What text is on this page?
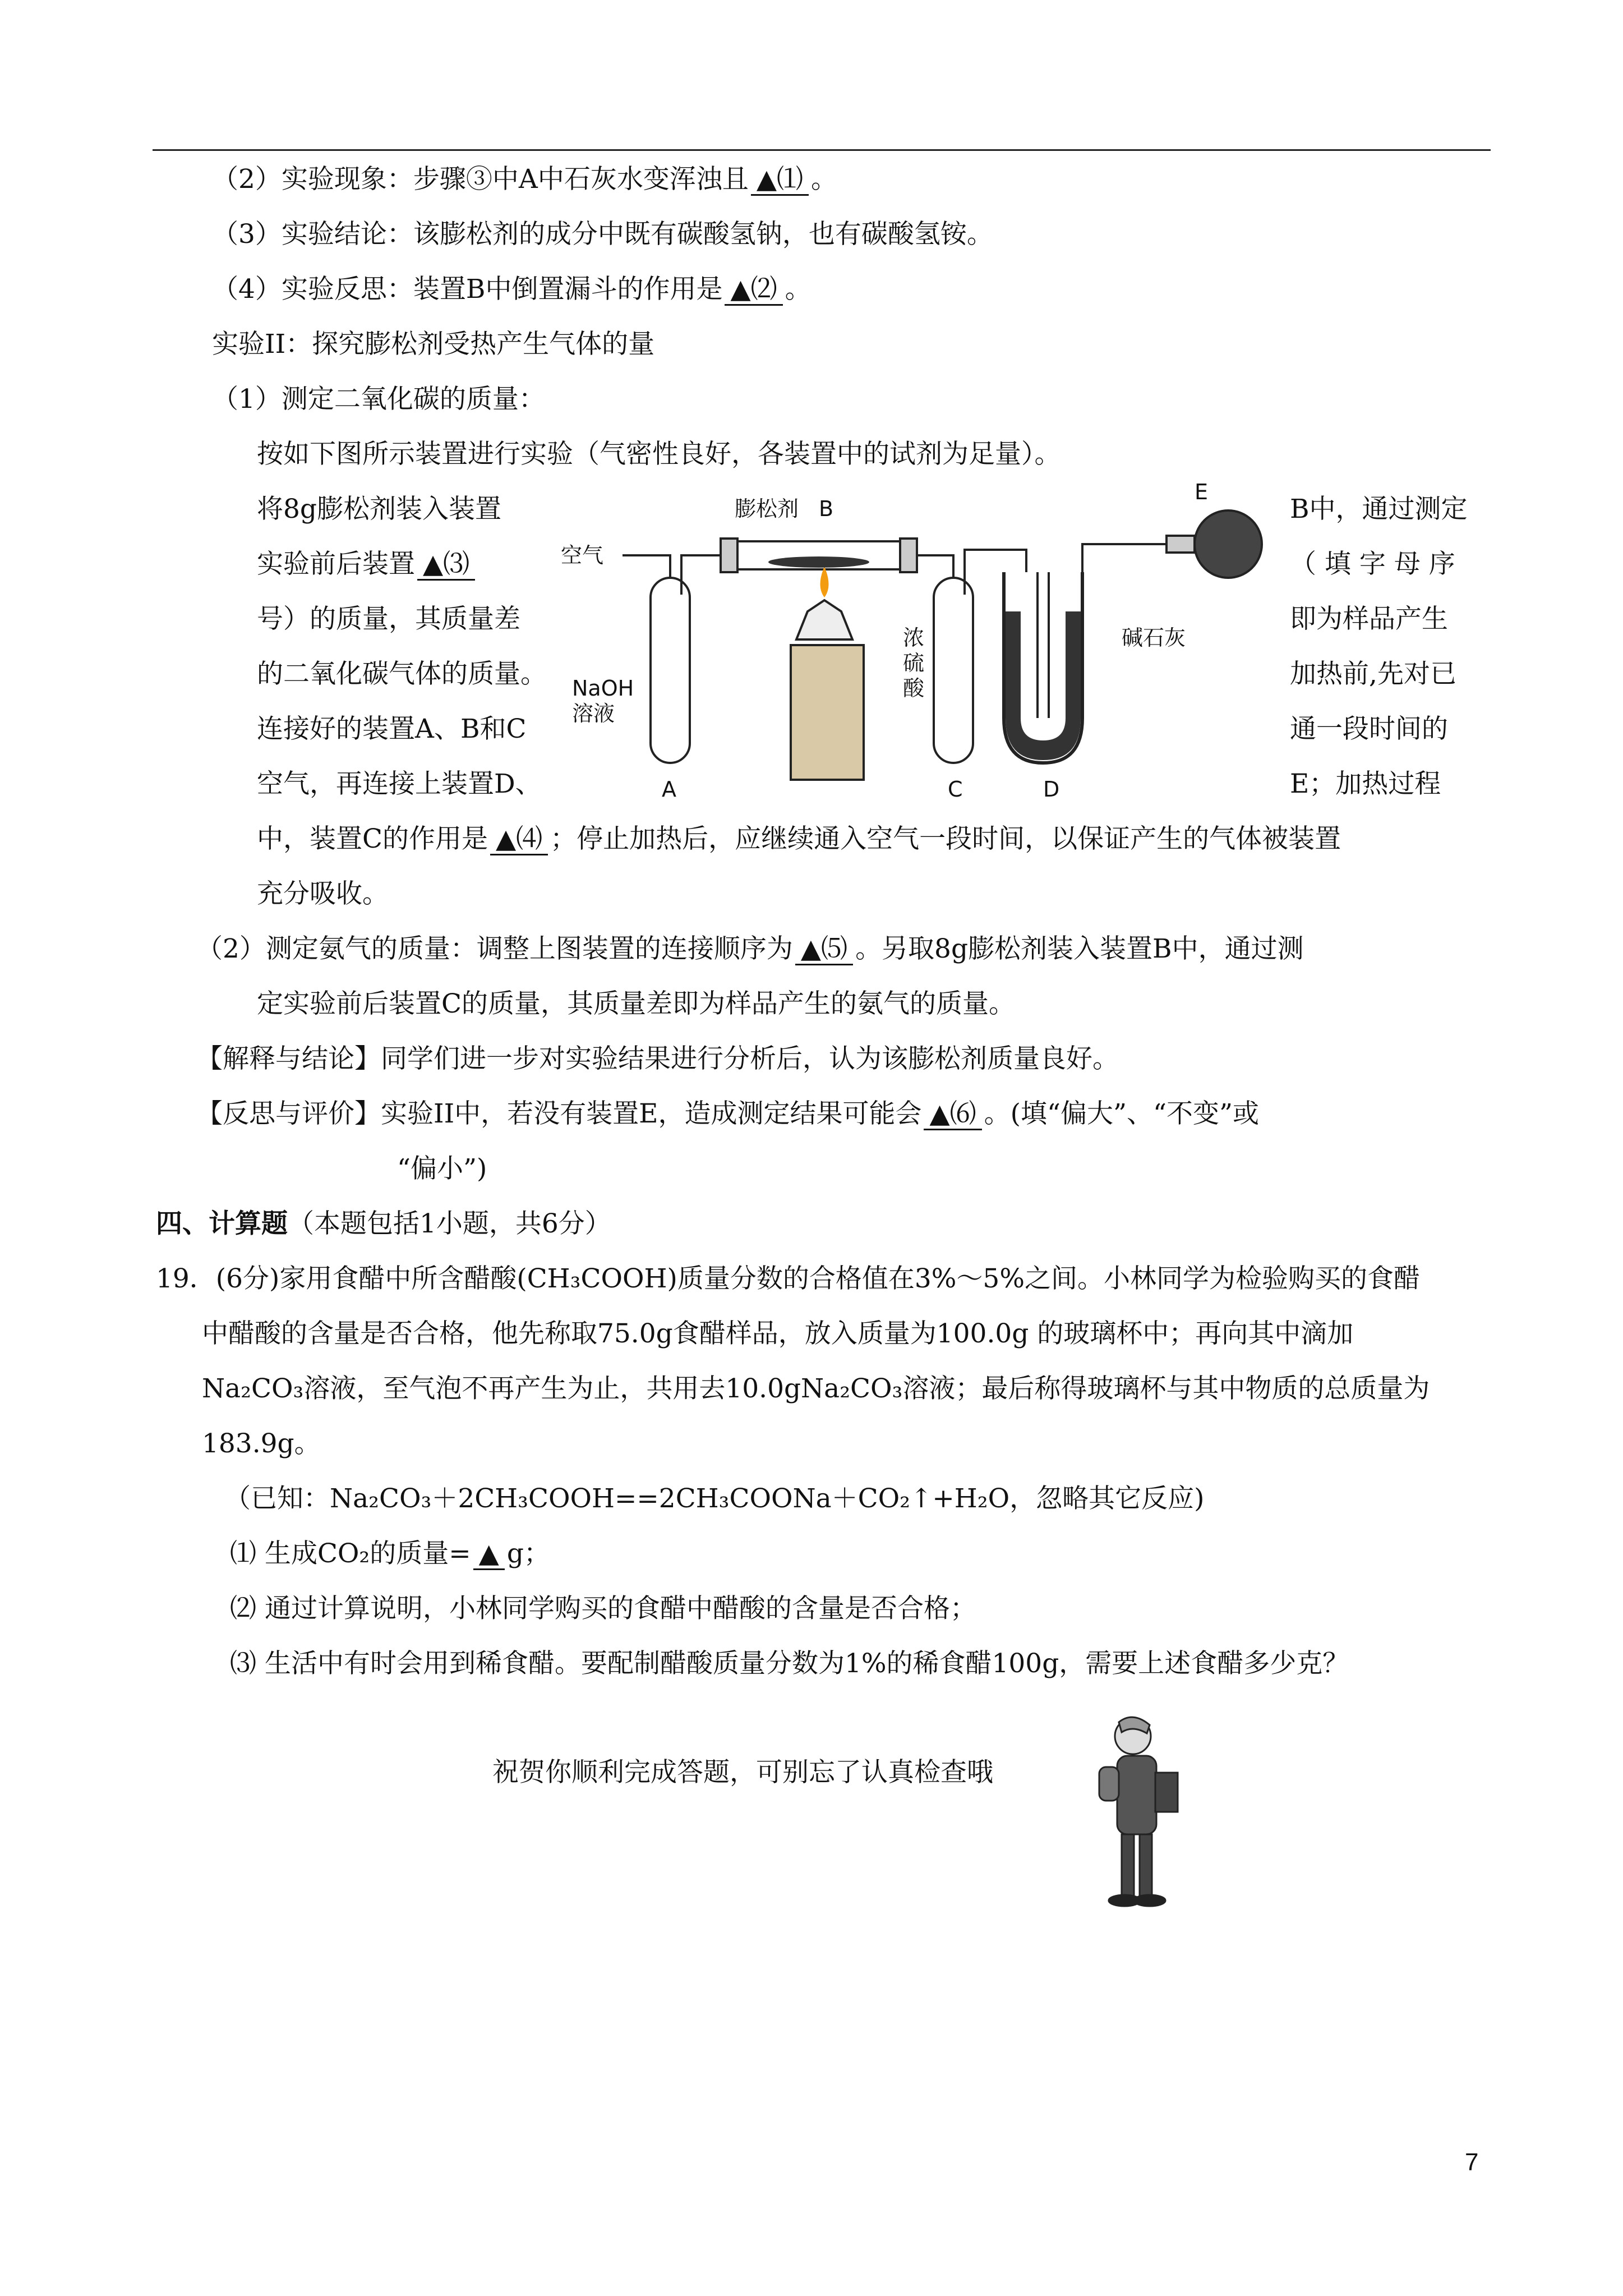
（2）实验现象：步骤③中A中石灰水变浑浊且 ▲⑴ 。
（3）实验结论：该膨松剂的成分中既有碳酸氢钠，也有碳酸氢铵。
（4）实验反思：装置B中倒置漏斗的作用是 ▲⑵ 。
实验II：探究膨松剂受热产生气体的量
（1）测定二氧化碳的质量：
按如下图所示装置进行实验（气密性良好，各装置中的试剂为足量）。
将8g膨松剂装入装置
实验前后装置 ▲⑶
号）的质量，其质量差
的二氧化碳气体的质量。
连接好的装置A、B和C
空气，再连接上装置D、
B中，通过测定
（ 填 字 母 序
即为样品产生
加热前,先对已
通一段时间的
E；加热过程
空气
膨松剂 B
E
NaOH
溶液
A
浓
硫
酸
C	D
碱石灰
中，装置C的作用是 ▲⑷ ；停止加热后，应继续通入空气一段时间，以保证产生的气体被装置
充分吸收。
（2）测定氨气的质量：调整上图装置的连接顺序为 ▲⑸ 。另取8g膨松剂装入装置B中，通过测
定实验前后装置C的质量，其质量差即为样品产生的氨气的质量。
【解释与结论】同学们进一步对实验结果进行分析后，认为该膨松剂质量良好。
【反思与评价】实验II中，若没有装置E，造成测定结果可能会 ▲⑹ 。(填“偏大”、“不变”或
“偏小”)
四、计算题（本题包括1小题，共6分）
19．(6分)家用食醋中所含醋酸(CH₃COOH)质量分数的合格值在3%～5%之间。小林同学为检验购买的食醋
中醋酸的含量是否合格，他先称取75.0g食醋样品，放入质量为100.0g 的玻璃杯中；再向其中滴加
Na₂CO₃溶液，至气泡不再产生为止，共用去10.0gNa₂CO₃溶液；最后称得玻璃杯与其中物质的总质量为
183.9g。
（已知：Na₂CO₃＋2CH₃COOH==2CH₃COONa＋CO₂↑+H₂O，忽略其它反应)
⑴ 生成CO₂的质量= ▲ g；
⑵ 通过计算说明，小林同学购买的食醋中醋酸的含量是否合格；
⑶ 生活中有时会用到稀食醋。要配制醋酸质量分数为1%的稀食醋100g，需要上述食醋多少克？
祝贺你顺利完成答题，可别忘了认真检查哦
7
